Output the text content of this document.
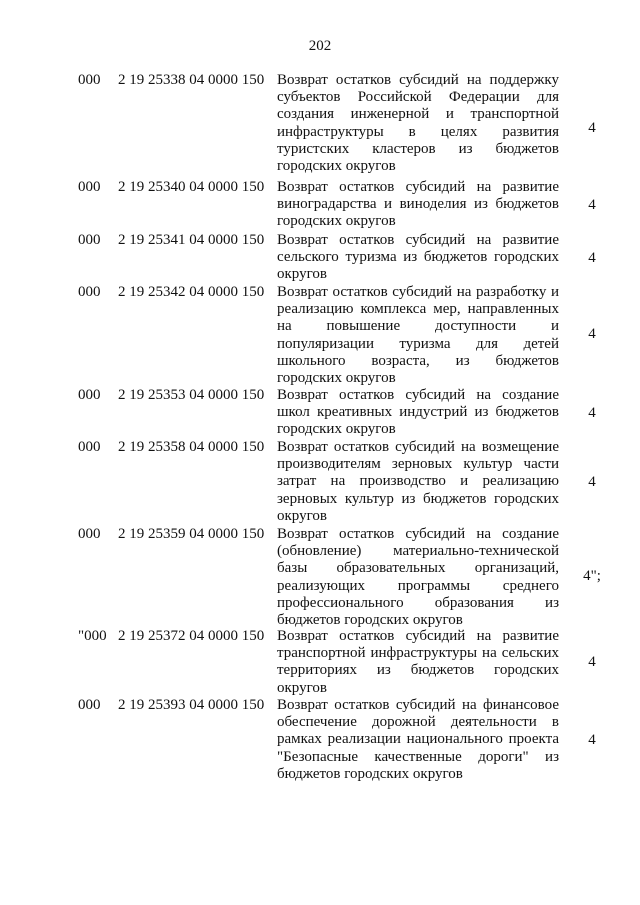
202
000 2 19 25338 04 0000 150 Возврат остатков субсидий на поддержку субъектов Российской Федерации для создания инженерной и транспортной инфраструктуры в целях развития туристских кластеров из бюджетов городских округов
4
000 2 19 25340 04 0000 150 Возврат остатков субсидий на развитие виноградарства и виноделия из бюджетов городских округов
4
000 2 19 25341 04 0000 150 Возврат остатков субсидий на развитие сельского туризма из бюджетов городских округов
4
000 2 19 25342 04 0000 150 Возврат остатков субсидий на разработку и реализацию комплекса мер, направленных на повышение доступности и популяризации туризма для детей школьного возраста, из бюджетов городских округов
4
000 2 19 25353 04 0000 150 Возврат остатков субсидий на создание школ креативных индустрий из бюджетов городских округов
4
000 2 19 25358 04 0000 150 Возврат остатков субсидий на возмещение производителям зерновых культур части затрат на производство и реализацию зерновых культур из бюджетов городских округов
4
000 2 19 25359 04 0000 150 Возврат остатков субсидий на создание (обновление) материально-технической базы образовательных организаций, реализующих программы среднего профессионального образования из бюджетов городских округов
4";
"000 2 19 25372 04 0000 150 Возврат остатков субсидий на развитие транспортной инфраструктуры на сельских территориях из бюджетов городских округов
4
000 2 19 25393 04 0000 150 Возврат остатков субсидий на финансовое обеспечение дорожной деятельности в рамках реализации национального проекта "Безопасные качественные дороги" из бюджетов городских округов
4
